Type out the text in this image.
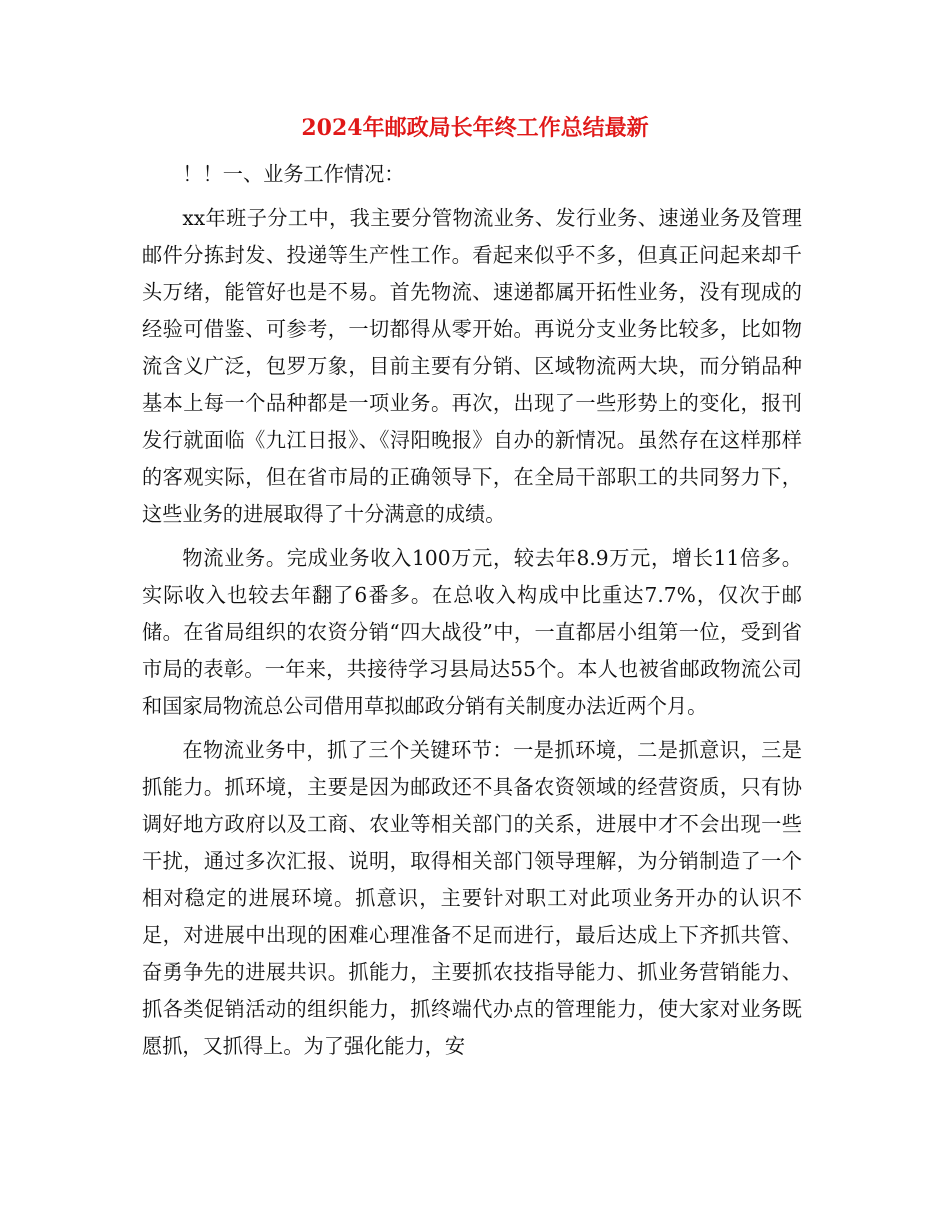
2024年邮政局长年终工作总结最新

！！一、业务工作情况：

xx年班子分工中，我主要分管物流业务、发行业务、速递业务及管理邮件分拣封发、投递等生产性工作。看起来似乎不多，但真正问起来却千头万绪，能管好也是不易。首先物流、速递都属开拓性业务，没有现成的经验可借鉴、可参考，一切都得从零开始。再说分支业务比较多，比如物流含义广泛，包罗万象，目前主要有分销、区域物流两大块，而分销品种基本上每一个品种都是一项业务。再次，出现了一些形势上的变化，报刊发行就面临《九江日报》、《浔阳晚报》自办的新情况。虽然存在这样那样的客观实际，但在省市局的正确领导下，在全局干部职工的共同努力下，这些业务的进展取得了十分满意的成绩。

物流业务。完成业务收入100万元，较去年8.9万元，增长11倍多。实际收入也较去年翻了6番多。在总收入构成中比重达7.7%，仅次于邮储。在省局组织的农资分销“四大战役”中，一直都居小组第一位，受到省市局的表彰。一年来，共接待学习县局达55个。本人也被省邮政物流公司和国家局物流总公司借用草拟邮政分销有关制度办法近两个月。

在物流业务中，抓了三个关键环节：一是抓环境，二是抓意识，三是抓能力。抓环境，主要是因为邮政还不具备农资领域的经营资质，只有协调好地方政府以及工商、农业等相关部门的关系，进展中才不会出现一些干扰，通过多次汇报、说明，取得相关部门领导理解，为分销制造了一个相对稳定的进展环境。抓意识，主要针对职工对此项业务开办的认识不足，对进展中出现的困难心理准备不足而进行，最后达成上下齐抓共管、奋勇争先的进展共识。抓能力，主要抓农技指导能力、抓业务营销能力、抓各类促销活动的组织能力，抓终端代办点的管理能力，使大家对业务既愿抓，又抓得上。为了强化能力，安
